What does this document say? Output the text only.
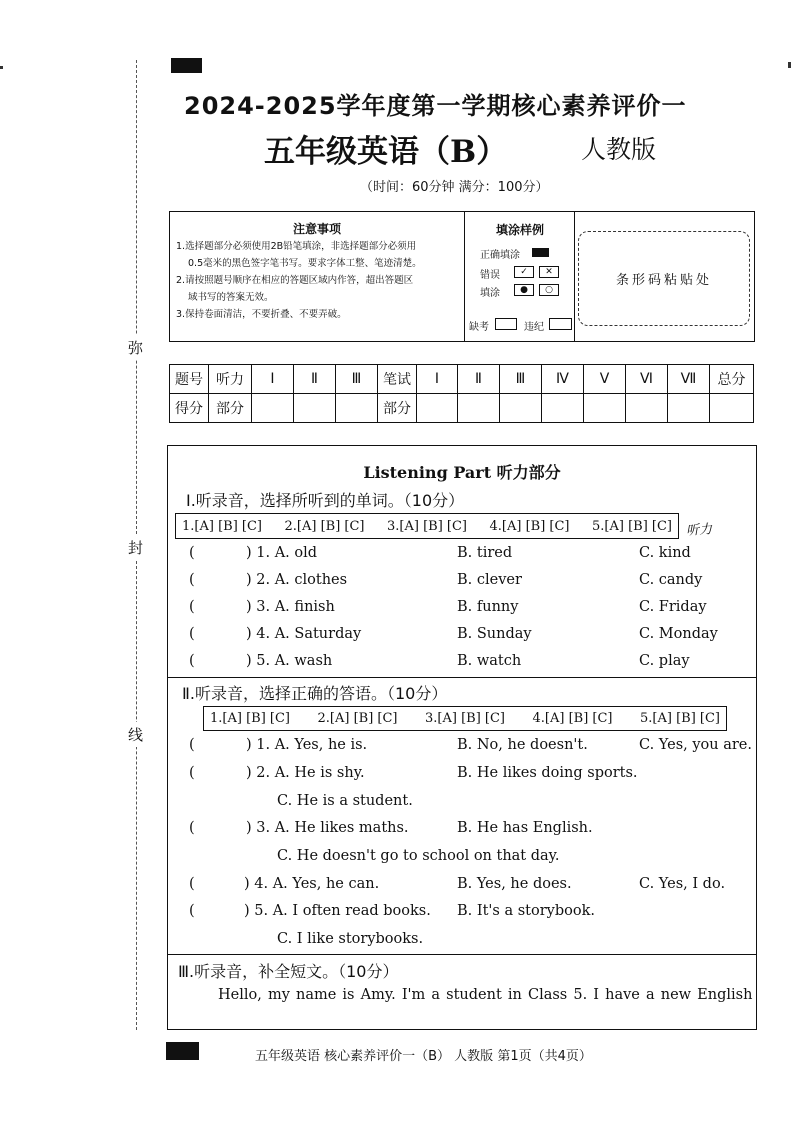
弥
封
线
2024-2025学年度第一学期核心素养评价一
五年级英语（B）	人教版
（时间：60分钟 满分：100分）
注意事项
1.选择题部分必须使用2B铅笔填涂，非选择题部分必须用
0.5毫米的黑色签字笔书写。要求字体工整、笔迹清楚。
2.请按照题号顺序在相应的答题区域内作答，超出答题区
域书写的答案无效。
3.保持卷面清洁，不要折叠、不要弄破。
填涂样例
正确填涂
错误
填涂
✓	✕
●	○
缺考	违纪
条形码粘贴处
题号	听力	Ⅰ	Ⅱ	Ⅲ	笔试	Ⅰ	Ⅱ	Ⅲ	Ⅳ	Ⅴ	Ⅵ	Ⅶ	总分
得分	部分				部分								
Listening Part 听力部分
Ⅰ.听录音，选择所听到的单词。（10分）
1.[A] [B] [C] 2.[A] [B] [C] 3.[A] [B] [C] 4.[A] [B] [C] 5.[A] [B] [C] 听力
(	) 1. A. old	B. tired	C. kind
(	) 2. A. clothes	B. clever	C. candy
(	) 3. A. finish	B. funny	C. Friday
(	) 4. A. Saturday	B. Sunday	C. Monday
(	) 5. A. wash	B. watch	C. play
Ⅱ.听录音，选择正确的答语。（10分）
1.[A] [B] [C] 2.[A] [B] [C] 3.[A] [B] [C] 4.[A] [B] [C] 5.[A] [B] [C]
(	) 1. A. Yes, he is.	B. No, he doesn't.	C. Yes, you are.
(	) 2. A. He is shy.	B. He likes doing sports.
C. He is a student.
(	) 3. A. He likes maths.	B. He has English.
C. He doesn't go to school on that day.
(	) 4. A. Yes, he can.	B. Yes, he does.	C. Yes, I do.
(	) 5. A. I often read books. B. It's a storybook.
C. I like storybooks.
Ⅲ.听录音，补全短文。（10分）
Hello, my name is Amy. I'm a student in Class 5. I have a new English
五年级英语 核心素养评价一（B） 人教版 第1页（共4页）
